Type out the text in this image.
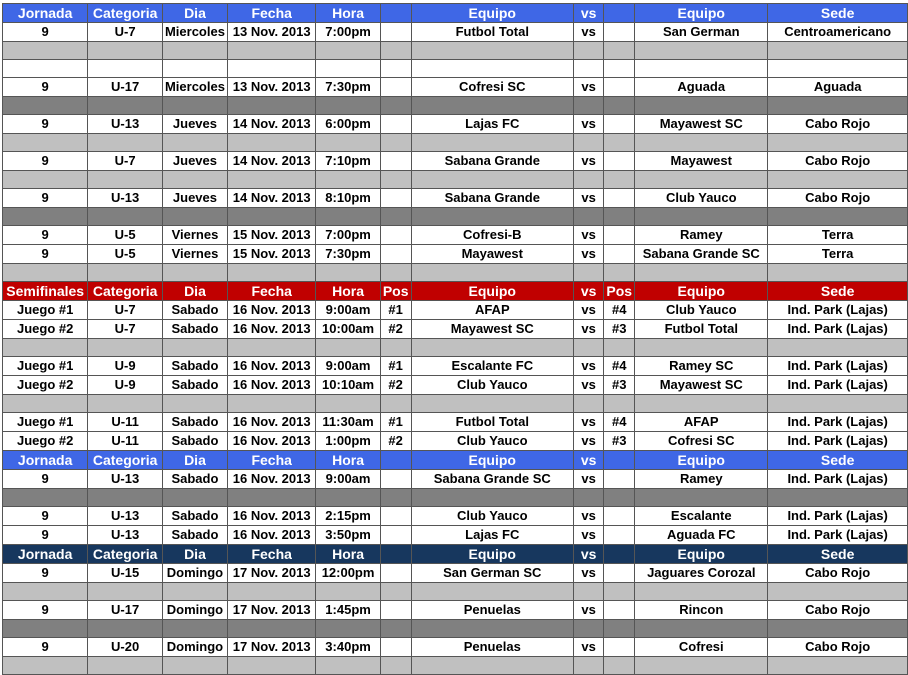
Jornada	Categoria	Dia	Fecha	Hora		Equipo	vs		Equipo	Sede
9	U-7	Miercoles	13 Nov. 2013	7:00pm		Futbol Total	vs		San German	Centroamericano

9	U-17	Miercoles	13 Nov. 2013	7:30pm		Cofresi SC	vs		Aguada	Aguada

9	U-13	Jueves	14 Nov. 2013	6:00pm		Lajas FC	vs		Mayawest SC	Cabo Rojo

9	U-7	Jueves	14 Nov. 2013	7:10pm		Sabana Grande	vs		Mayawest	Cabo Rojo

9	U-13	Jueves	14 Nov. 2013	8:10pm		Sabana Grande	vs		Club Yauco	Cabo Rojo

9	U-5	Viernes	15 Nov. 2013	7:00pm		Cofresi-B	vs		Ramey	Terra
9	U-5	Viernes	15 Nov. 2013	7:30pm		Mayawest	vs		Sabana Grande SC	Terra

Semifinales	Categoria	Dia	Fecha	Hora	Pos	Equipo	vs	Pos	Equipo	Sede
Juego #1	U-7	Sabado	16 Nov. 2013	9:00am	#1	AFAP	vs	#4	Club Yauco	Ind. Park (Lajas)
Juego #2	U-7	Sabado	16 Nov. 2013	10:00am	#2	Mayawest SC	vs	#3	Futbol Total	Ind. Park (Lajas)

Juego #1	U-9	Sabado	16 Nov. 2013	9:00am	#1	Escalante FC	vs	#4	Ramey SC	Ind. Park (Lajas)
Juego #2	U-9	Sabado	16 Nov. 2013	10:10am	#2	Club Yauco	vs	#3	Mayawest SC	Ind. Park (Lajas)

Juego #1	U-11	Sabado	16 Nov. 2013	11:30am	#1	Futbol Total	vs	#4	AFAP	Ind. Park (Lajas)
Juego #2	U-11	Sabado	16 Nov. 2013	1:00pm	#2	Club Yauco	vs	#3	Cofresi SC	Ind. Park (Lajas)
Jornada	Categoria	Dia	Fecha	Hora		Equipo	vs		Equipo	Sede
9	U-13	Sabado	16 Nov. 2013	9:00am		Sabana Grande SC	vs		Ramey	Ind. Park (Lajas)

9	U-13	Sabado	16 Nov. 2013	2:15pm		Club Yauco	vs		Escalante	Ind. Park (Lajas)
9	U-13	Sabado	16 Nov. 2013	3:50pm		Lajas FC	vs		Aguada FC	Ind. Park (Lajas)
Jornada	Categoria	Dia	Fecha	Hora		Equipo	vs		Equipo	Sede
9	U-15	Domingo	17 Nov. 2013	12:00pm		San German SC	vs		Jaguares Corozal	Cabo Rojo

9	U-17	Domingo	17 Nov. 2013	1:45pm		Penuelas	vs		Rincon	Cabo Rojo

9	U-20	Domingo	17 Nov. 2013	3:40pm		Penuelas	vs		Cofresi	Cabo Rojo
